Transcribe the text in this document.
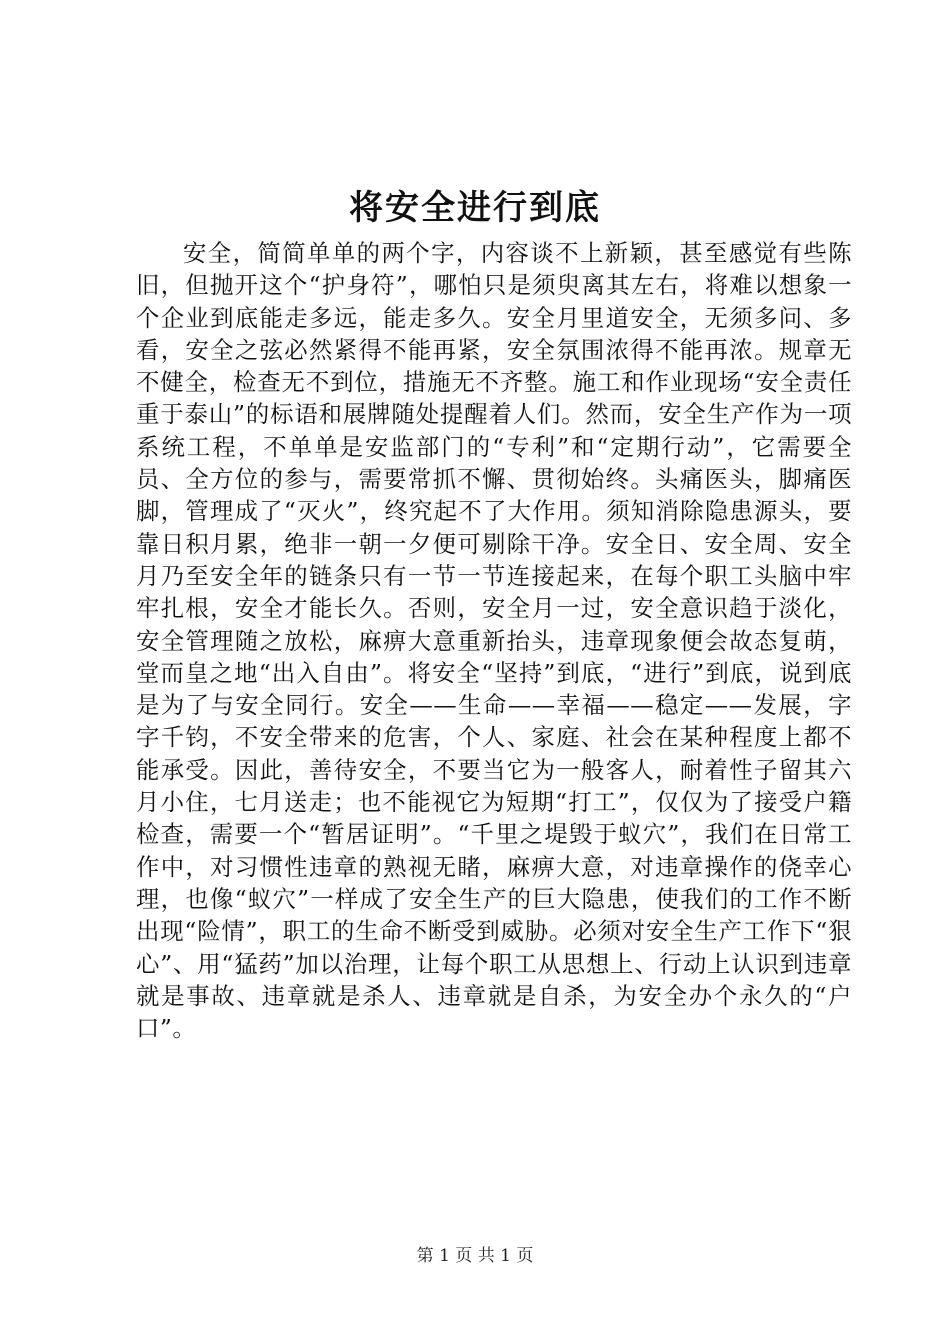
将安全进行到底

安全，简简单单的两个字，内容谈不上新颖，甚至感觉有些陈旧，但抛开这个“护身符”，哪怕只是须臾离其左右，将难以想象一个企业到底能走多远，能走多久。安全月里道安全，无须多问、多看，安全之弦必然紧得不能再紧，安全氛围浓得不能再浓。规章无不健全，检查无不到位，措施无不齐整。施工和作业现场“安全责任重于泰山”的标语和展牌随处提醒着人们。然而，安全生产作为一项系统工程，不单单是安监部门的“专利”和“定期行动”，它需要全员、全方位的参与，需要常抓不懈、贯彻始终。头痛医头，脚痛医脚，管理成了“灭火”，终究起不了大作用。须知消除隐患源头，要靠日积月累，绝非一朝一夕便可剔除干净。安全日、安全周、安全月乃至安全年的链条只有一节一节连接起来，在每个职工头脑中牢牢扎根，安全才能长久。否则，安全月一过，安全意识趋于淡化，安全管理随之放松，麻痹大意重新抬头，违章现象便会故态复萌，堂而皇之地“出入自由”。将安全“坚持”到底，“进行”到底，说到底是为了与安全同行。安全——生命——幸福——稳定——发展，字字千钧，不安全带来的危害，个人、家庭、社会在某种程度上都不能承受。因此，善待安全，不要当它为一般客人，耐着性子留其六月小住，七月送走；也不能视它为短期“打工”，仅仅为了接受户籍检查，需要一个“暂居证明”。“千里之堤毁于蚁穴”，我们在日常工作中，对习惯性违章的熟视无睹，麻痹大意，对违章操作的侥幸心理，也像“蚁穴”一样成了安全生产的巨大隐患，使我们的工作不断出现“险情”，职工的生命不断受到威胁。必须对安全生产工作下“狠心”、用“猛药”加以治理，让每个职工从思想上、行动上认识到违章就是事故、违章就是杀人、违章就是自杀，为安全办个永久的“户口”。

第 1 页 共 1 页
